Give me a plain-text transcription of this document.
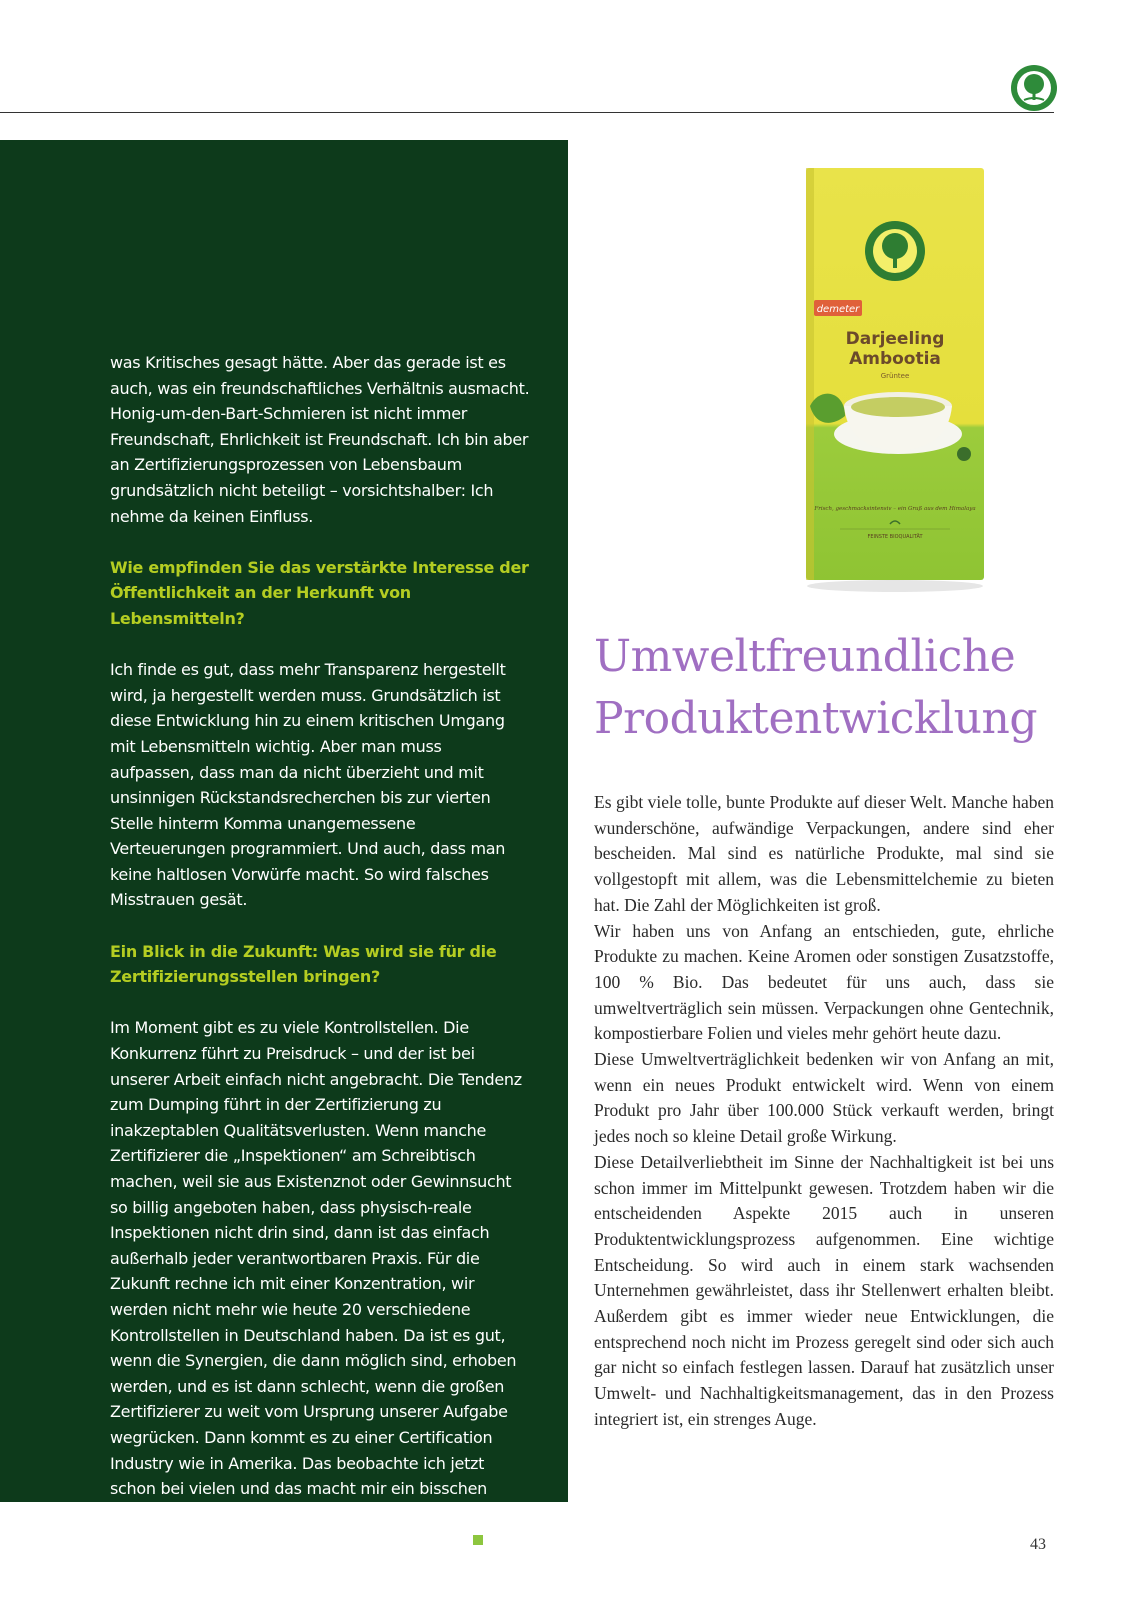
was Kritisches gesagt hätte. Aber das gerade ist es auch, was ein freundschaftliches Verhältnis ausmacht. Honig-um-den-Bart-Schmieren ist nicht immer Freundschaft, Ehrlichkeit ist Freundschaft. Ich bin aber an Zertifizierungsprozessen von Lebensbaum grundsätzlich nicht beteiligt – vorsichtshalber: Ich nehme da keinen Einfluss.

Wie empfinden Sie das verstärkte Interesse der Öffentlichkeit an der Herkunft von Lebensmitteln?

Ich finde es gut, dass mehr Transparenz hergestellt wird, ja hergestellt werden muss. Grundsätzlich ist diese Entwicklung hin zu einem kritischen Umgang mit Lebensmitteln wichtig. Aber man muss aufpassen, dass man da nicht überzieht und mit unsinnigen Rückstandsrecherchen bis zur vierten Stelle hinterm Komma unangemessene Verteuerungen programmiert. Und auch, dass man keine haltlosen Vorwürfe macht. So wird falsches Misstrauen gesät.

Ein Blick in die Zukunft: Was wird sie für die Zertifizierungsstellen bringen?

Im Moment gibt es zu viele Kontrollstellen. Die Konkurrenz führt zu Preisdruck – und der ist bei unserer Arbeit einfach nicht angebracht. Die Tendenz zum Dumping führt in der Zertifizierung zu inakzeptablen Qualitätsverlusten. Wenn manche Zertifizierer die „Inspektionen“ am Schreibtisch machen, weil sie aus Existenznot oder Gewinnsucht so billig angeboten haben, dass physisch-reale Inspektionen nicht drin sind, dann ist das einfach außerhalb jeder verantwortbaren Praxis. Für die Zukunft rechne ich mit einer Konzentration, wir werden nicht mehr wie heute 20 verschiedene Kontrollstellen in Deutschland haben. Da ist es gut, wenn die Synergien, die dann möglich sind, erhoben werden, und es ist dann schlecht, wenn die großen Zertifizierer zu weit vom Ursprung unserer Aufgabe wegrücken. Dann kommt es zu einer Certification Industry wie in Amerika. Das beobachte ich jetzt schon bei vielen und das macht mir ein bisschen Angst. Der Ökolandbau ist ein ganzheitliches Konzept, daran muss sich die Zertifizierung orientieren.

demeter
Darjeeling
Ambootia
Grüntee
Frisch, geschmacksintensiv – ein Gruß aus dem Himalaya
FEINSTE BIOQUALITÄT
Umweltfreundliche
Produktentwicklung

Es gibt viele tolle, bunte Produkte auf dieser Welt. Manche haben wunderschöne, aufwändige Verpackungen, andere sind eher bescheiden. Mal sind es natürliche Produkte, mal sind sie vollgestopft mit allem, was die Lebensmittelchemie zu bieten hat. Die Zahl der Möglichkeiten ist groß.

Wir haben uns von Anfang an entschieden, gute, ehrliche Produkte zu machen. Keine Aromen oder sonstigen Zusatzstoffe, 100 % Bio. Das bedeutet für uns auch, dass sie umweltverträglich sein müssen. Verpackungen ohne Gentechnik, kompostierbare Folien und vieles mehr gehört heute dazu.

Diese Umweltverträglichkeit bedenken wir von Anfang an mit, wenn ein neues Produkt entwickelt wird. Wenn von einem Produkt pro Jahr über 100.000 Stück verkauft werden, bringt jedes noch so kleine Detail große Wirkung.

Diese Detailverliebtheit im Sinne der Nachhaltigkeit ist bei uns schon immer im Mittelpunkt gewesen. Trotzdem haben wir die entscheidenden Aspekte 2015 auch in unseren Produktentwicklungsprozess aufgenommen. Eine wichtige Entscheidung. So wird auch in einem stark wachsenden Unternehmen gewährleistet, dass ihr Stellenwert erhalten bleibt. Außerdem gibt es immer wieder neue Entwicklungen, die entsprechend noch nicht im Prozess geregelt sind oder sich auch gar nicht so einfach festlegen lassen. Darauf hat zusätzlich unser Umwelt- und Nachhaltigkeitsmanagement, das in den Prozess integriert ist, ein strenges Auge.

43
